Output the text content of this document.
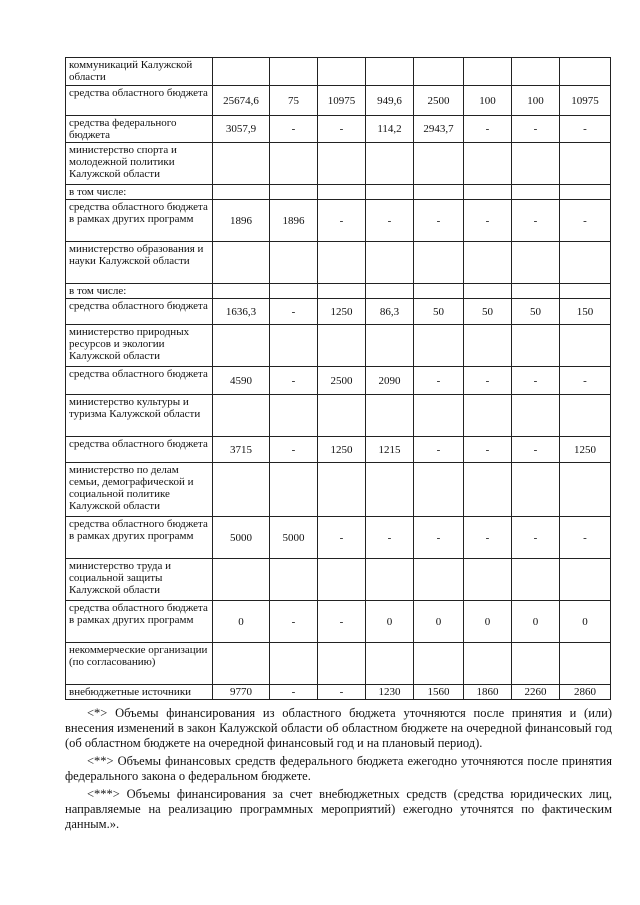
коммуникаций Калужской области								
средства областного бюджета	25674,6	75	10975	949,6	2500	100	100	10975
средства федерального бюджета	3057,9	-	-	114,2	2943,7	-	-	-
министерство спорта и молодежной политики Калужской области								
в том числе:								
средства областного бюджета в рамках других программ	1896	1896	-	-	-	-	-	-
министерство образования и науки Калужской области								
в том числе:								
средства областного бюджета	1636,3	-	1250	86,3	50	50	50	150
министерство природных ресурсов и экологии Калужской области								
средства областного бюджета	4590	-	2500	2090	-	-	-	-
министерство культуры и туризма Калужской области								
средства областного бюджета	3715	-	1250	1215	-	-	-	1250
министерство по делам семьи, демографической и социальной политике Калужской области								
средства областного бюджета в рамках других программ	5000	5000	-	-	-	-	-	-
министерство труда и социальной защиты Калужской области								
средства областного бюджета в рамках других программ	0	-	-	0	0	0	0	0
некоммерческие организации (по согласованию)								
внебюджетные источники	9770	-	-	1230	1560	1860	2260	2860

<*> Объемы финансирования из областного бюджета уточняются после принятия и (или) внесения изменений в закон Калужской области об областном бюджете на очередной финансовый год (об областном бюджете на очередной финансовый год и на плановый период).

<**> Объемы финансовых средств федерального бюджета ежегодно уточняются после принятия федерального закона о федеральном бюджете.

<***> Объемы финансирования за счет внебюджетных средств (средства юридических лиц, направляемые на реализацию программных мероприятий) ежегодно уточнятся по фактическим данным.».
